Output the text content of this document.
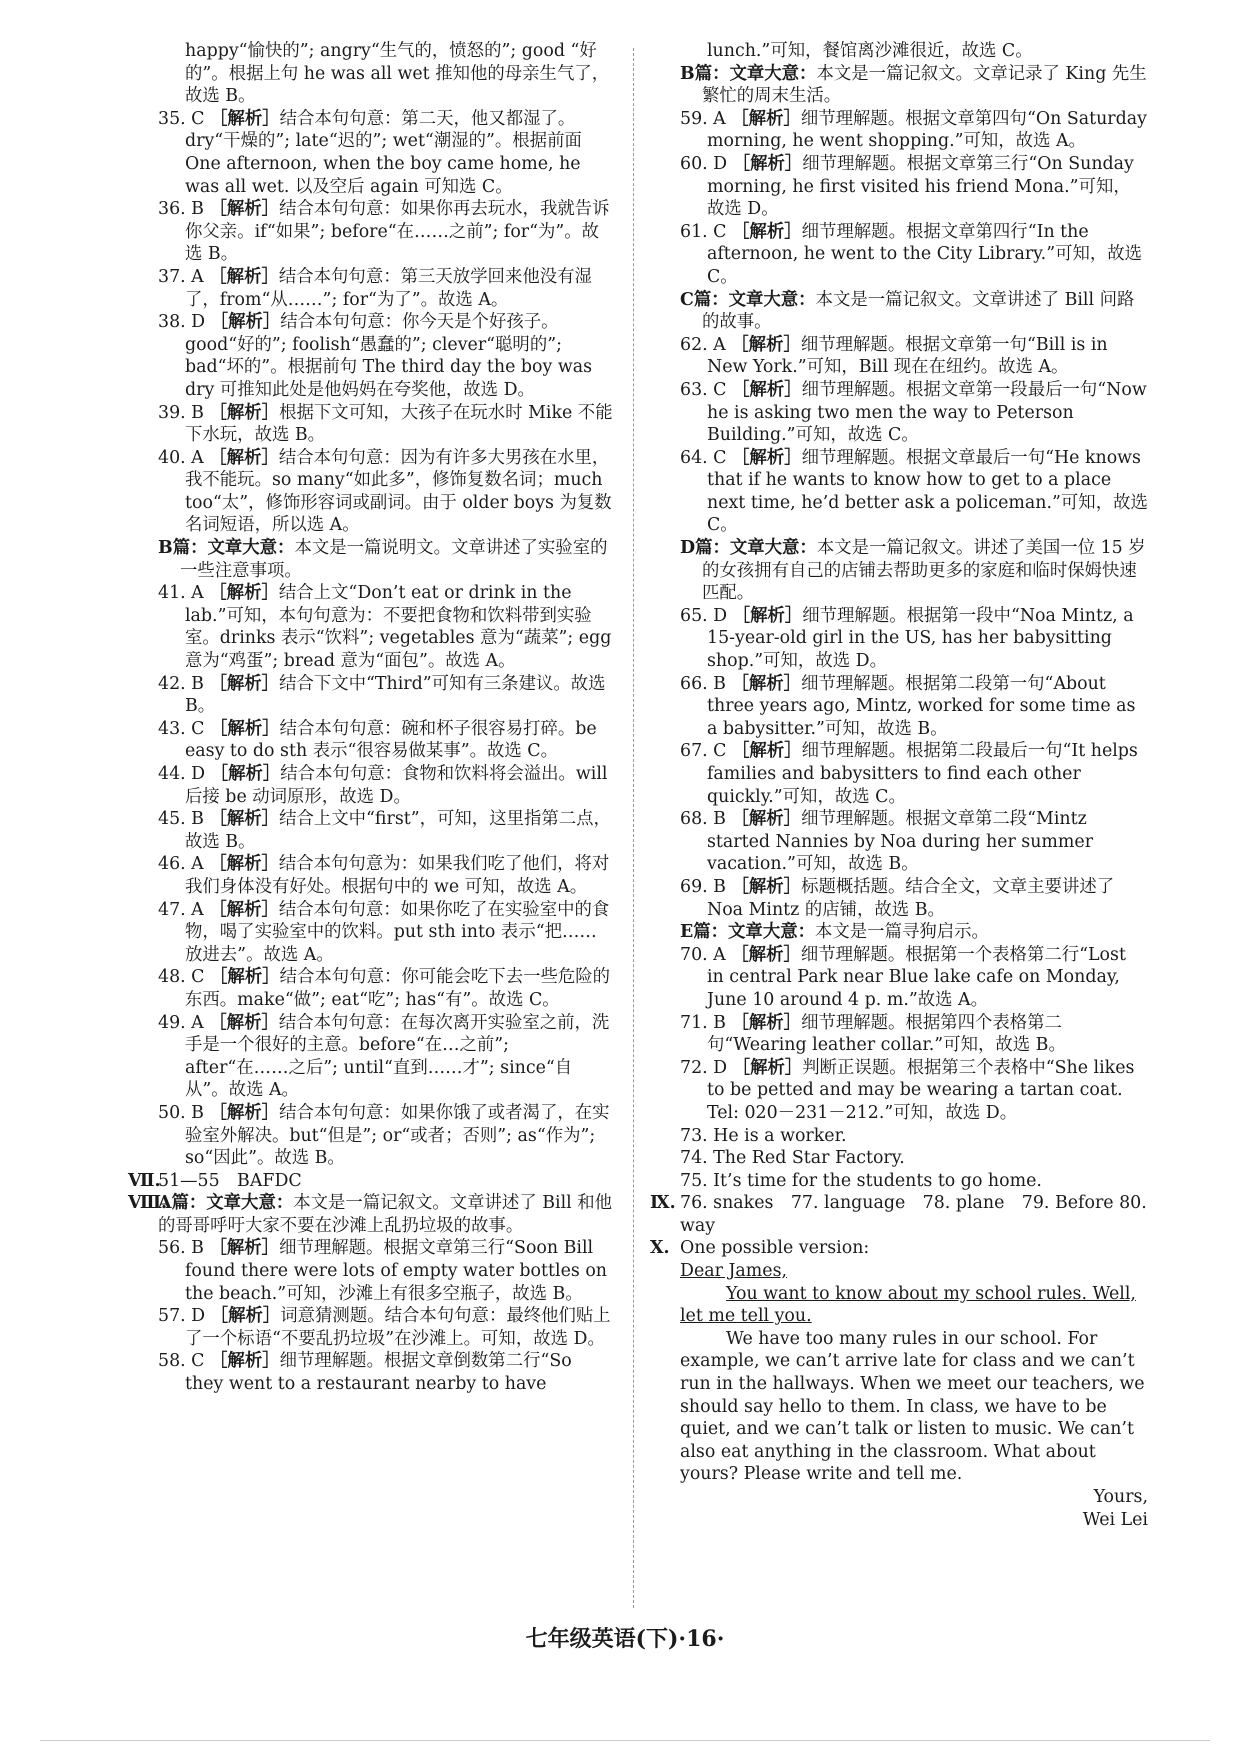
happy“愉快的”; angry“生气的，愤怒的”; good “好的”。根据上句 he was all wet 推知他的母亲生气了，故选 B。

35. C ［解析］结合本句句意：第二天，他又都湿了。dry“干燥的”; late“迟的”; wet“潮湿的”。根据前面 One afternoon, when the boy came home, he was all wet. 以及空后 again 可知选 C。

36. B ［解析］结合本句句意：如果你再去玩水，我就告诉你父亲。if“如果”; before“在……之前”; for“为”。故选 B。

37. A ［解析］结合本句句意：第三天放学回来他没有湿了，from“从……”; for“为了”。故选 A。

38. D ［解析］结合本句句意：你今天是个好孩子。good“好的”; foolish“愚蠢的”; clever“聪明的”; bad“坏的”。根据前句 The third day the boy was dry 可推知此处是他妈妈在夸奖他，故选 D。

39. B ［解析］根据下文可知，大孩子在玩水时 Mike 不能下水玩，故选 B。

40. A ［解析］结合本句句意：因为有许多大男孩在水里，我不能玩。so many“如此多”，修饰复数名词；much too“太”，修饰形容词或副词。由于 older boys 为复数名词短语，所以选 A。

B篇：文章大意：本文是一篇说明文。文章讲述了实验室的一些注意事项。

41. A ［解析］结合上文“Don’t eat or drink in the lab.”可知，本句句意为：不要把食物和饮料带到实验室。drinks 表示“饮料”; vegetables 意为“蔬菜”; egg 意为“鸡蛋”; bread 意为“面包”。故选 A。

42. B ［解析］结合下文中“Third”可知有三条建议。故选 B。

43. C ［解析］结合本句句意：碗和杯子很容易打碎。be easy to do sth 表示“很容易做某事”。故选 C。

44. D ［解析］结合本句句意：食物和饮料将会溢出。will 后接 be 动词原形，故选 D。

45. B ［解析］结合上文中“first”，可知，这里指第二点，故选 B。

46. A ［解析］结合本句句意为：如果我们吃了他们，将对我们身体没有好处。根据句中的 we 可知，故选 A。

47. A ［解析］结合本句句意：如果你吃了在实验室中的食物，喝了实验室中的饮料。put sth into 表示“把……放进去”。故选 A。

48. C ［解析］结合本句句意：你可能会吃下去一些危险的东西。make“做”; eat“吃”; has“有”。故选 C。

49. A ［解析］结合本句句意：在每次离开实验室之前，洗手是一个很好的主意。before“在…之前”; after“在……之后”; until“直到……才”; since“自从”。故选 A。

50. B ［解析］结合本句句意：如果你饿了或者渴了，在实验室外解决。but“但是”; or“或者；否则”; as“作为”; so“因此”。故选 B。

Ⅶ.
51—55　BAFDC

Ⅷ.
A篇：文章大意：本文是一篇记叙文。文章讲述了 Bill 和他的哥哥呼吁大家不要在沙滩上乱扔垃圾的故事。

56. B ［解析］细节理解题。根据文章第三行“Soon Bill found there were lots of empty water bottles on the beach.”可知，沙滩上有很多空瓶子，故选 B。

57. D ［解析］词意猜测题。结合本句句意：最终他们贴上了一个标语“不要乱扔垃圾”在沙滩上。可知，故选 D。

58. C ［解析］细节理解题。根据文章倒数第二行“So they went to a restaurant nearby to have

lunch.”可知，餐馆离沙滩很近，故选 C。

B篇：文章大意：本文是一篇记叙文。文章记录了 King 先生繁忙的周末生活。

59. A ［解析］细节理解题。根据文章第四句“On Saturday morning, he went shopping.”可知，故选 A。

60. D ［解析］细节理解题。根据文章第三行“On Sunday morning, he first visited his friend Mona.”可知，故选 D。

61. C ［解析］细节理解题。根据文章第四行“In the afternoon, he went to the City Library.”可知，故选 C。

C篇：文章大意：本文是一篇记叙文。文章讲述了 Bill 问路的故事。

62. A ［解析］细节理解题。根据文章第一句“Bill is in New York.”可知，Bill 现在在纽约。故选 A。

63. C ［解析］细节理解题。根据文章第一段最后一句“Now he is asking two men the way to Peterson Building.”可知，故选 C。

64. C ［解析］细节理解题。根据文章最后一句“He knows that if he wants to know how to get to a place next time, he’d better ask a policeman.”可知，故选 C。

D篇：文章大意：本文是一篇记叙文。讲述了美国一位 15 岁的女孩拥有自己的店铺去帮助更多的家庭和临时保姆快速匹配。

65. D ［解析］细节理解题。根据第一段中“Noa Mintz, a 15-year-old girl in the US, has her babysitting shop.”可知，故选 D。

66. B ［解析］细节理解题。根据第二段第一句“About three years ago, Mintz, worked for some time as a babysitter.”可知，故选 B。

67. C ［解析］细节理解题。根据第二段最后一句“It helps families and babysitters to find each other quickly.”可知，故选 C。

68. B ［解析］细节理解题。根据文章第二段“Mintz started Nannies by Noa during her summer vacation.”可知，故选 B。

69. B ［解析］标题概括题。结合全文，文章主要讲述了 Noa Mintz 的店铺，故选 B。

E篇：文章大意：本文是一篇寻狗启示。

70. A ［解析］细节理解题。根据第一个表格第二行“Lost in central Park near Blue lake cafe on Monday, June 10 around 4 p. m.”故选 A。

71. B ［解析］细节理解题。根据第四个表格第二句“Wearing leather collar.”可知，故选 B。

72. D ［解析］判断正误题。根据第三个表格中“She likes to be petted and may be wearing a tartan coat. Tel: 020－231－212.”可知，故选 D。

73. He is a worker.

74. The Red Star Factory.

75. It’s time for the students to go home.

Ⅸ. 76. snakes　77. language　78. plane　79. Before 80. way

Ⅹ. One possible version:

Dear James,

You want to know about my school rules. Well, let me tell you.

We have too many rules in our school. For example, we can’t arrive late for class and we can’t run in the hallways. When we meet our teachers, we should say hello to them. In class, we have to be quiet, and we can’t talk or listen to music. We can’t also eat anything in the classroom. What about yours? Please write and tell me.

Yours,

Wei Lei

七年级英语(下)·16·
